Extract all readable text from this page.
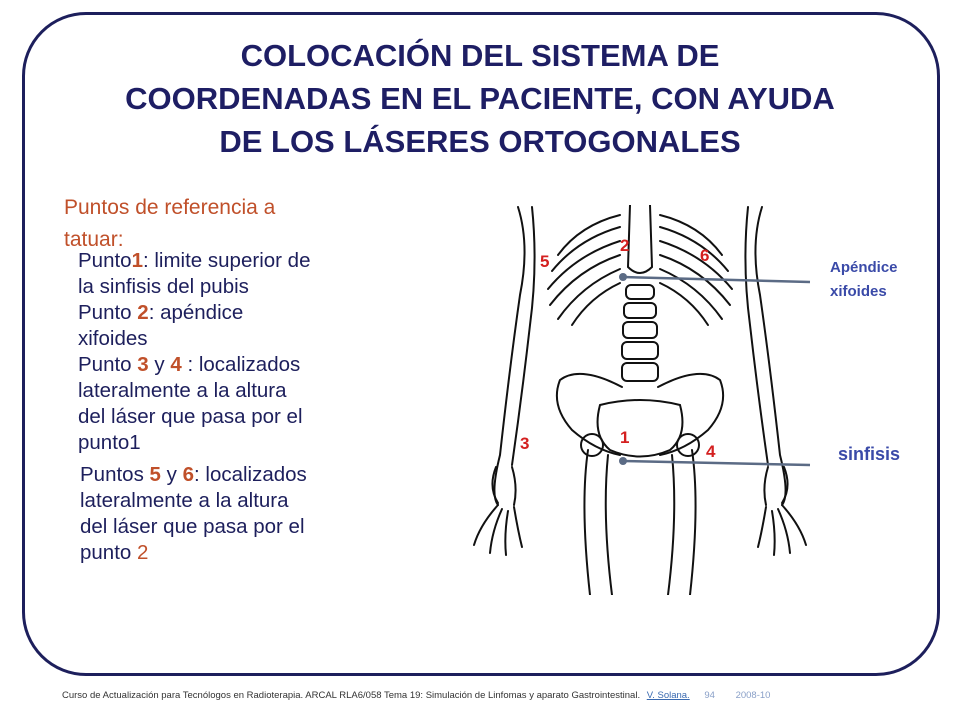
COLOCACIÓN DEL SISTEMA DE
COORDENADAS EN EL PACIENTE, CON AYUDA
DE LOS LÁSERES ORTOGONALES
Puntos de referencia a
tatuar:
Punto1: limite superior de
la sinfisis del pubis
Punto 2: apéndice
xifoides
Punto 3 y 4 : localizados
lateralmente a la altura
del láser que pasa por el
punto1
Puntos 5 y 6: localizados
lateralmente a la altura
del láser que pasa por el
punto 2
2
5	6
1
3	4
Apéndice
xifoides
sinfisis
Curso de Actualización para Tecnólogos en Radioterapia. ARCAL RLA6/058 Tema 19: Simulación de Linfomas y aparato Gastrointestinal. V. Solana. 94 2008-10
